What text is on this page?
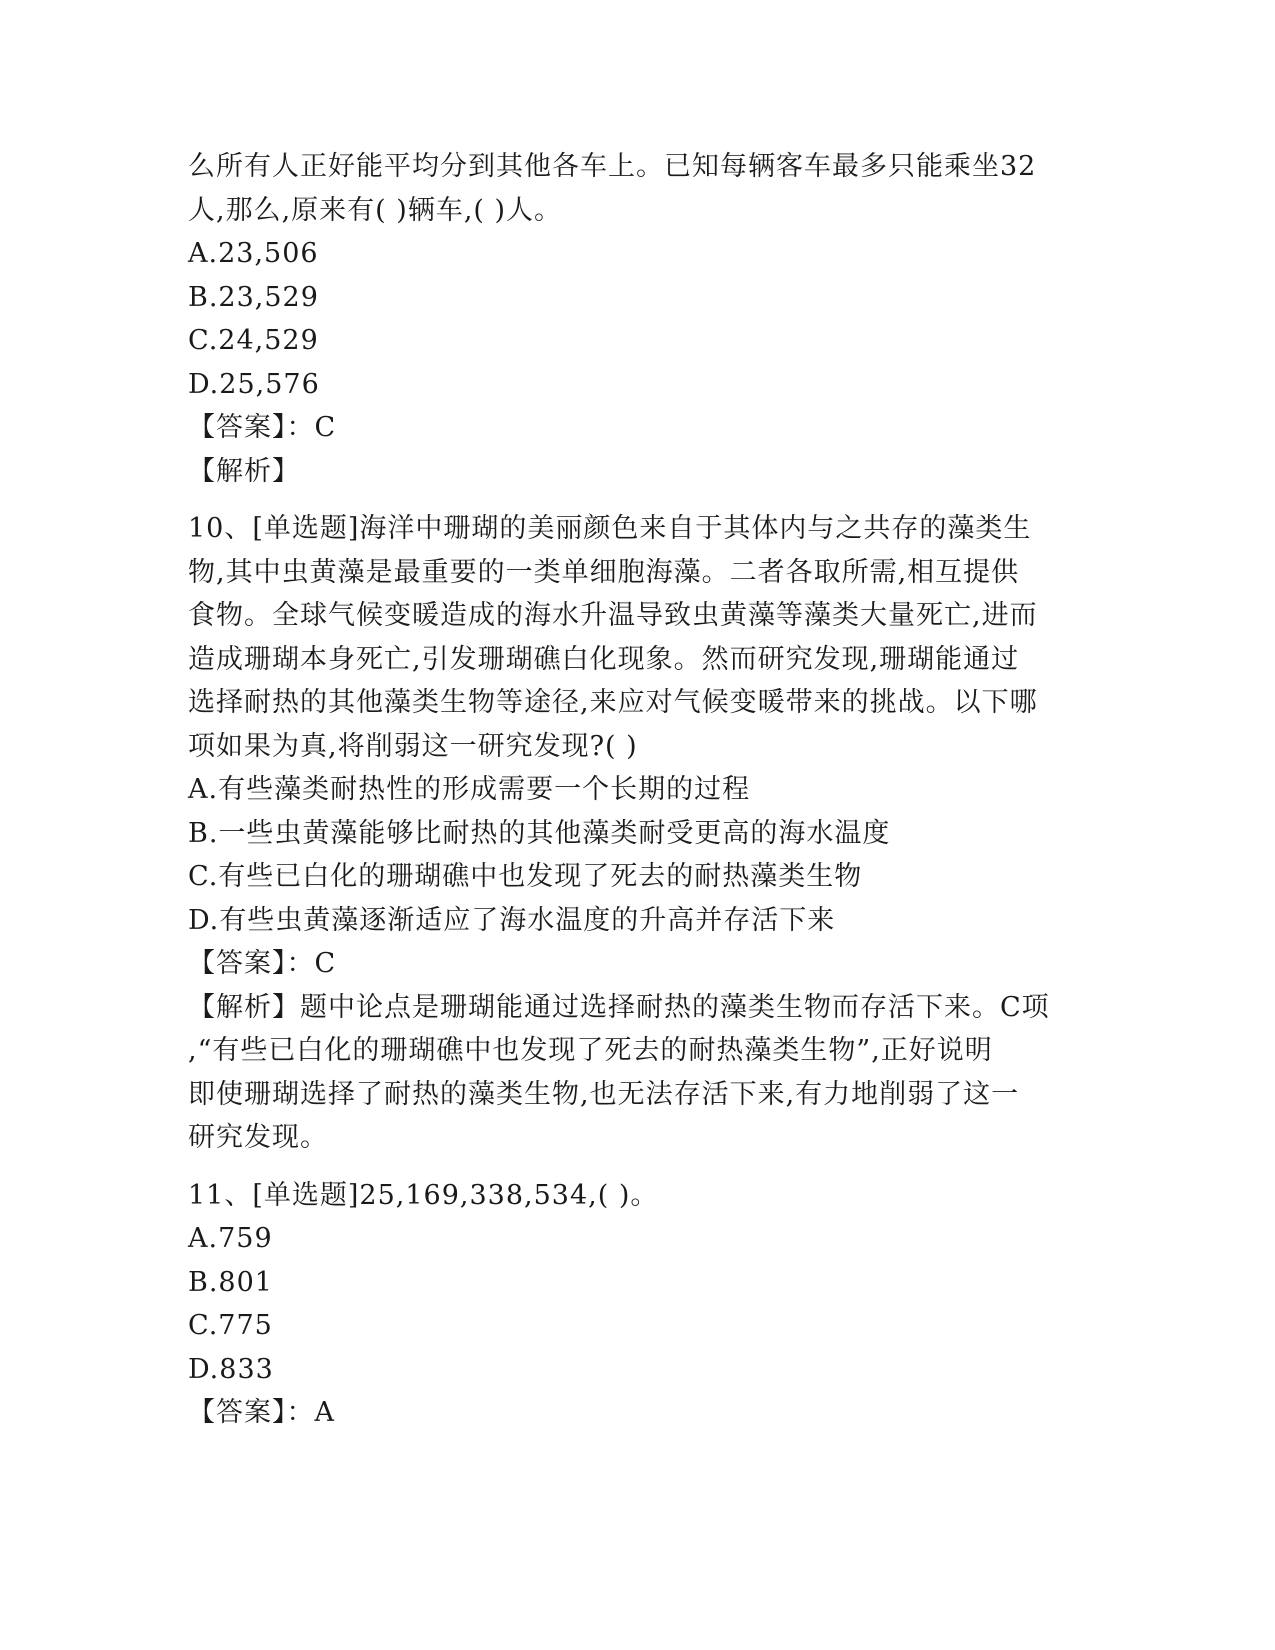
么所有人正好能平均分到其他各车上。已知每辆客车最多只能乘坐32
人,那么,原来有( )辆车,( )人。
A.23,506
B.23,529
C.24,529
D.25,576
【答案】：C
【解析】
10、[单选题]海洋中珊瑚的美丽颜色来自于其体内与之共存的藻类生
物,其中虫黄藻是最重要的一类单细胞海藻。二者各取所需,相互提供
食物。全球气候变暖造成的海水升温导致虫黄藻等藻类大量死亡,进而
造成珊瑚本身死亡,引发珊瑚礁白化现象。然而研究发现,珊瑚能通过
选择耐热的其他藻类生物等途径,来应对气候变暖带来的挑战。以下哪
项如果为真,将削弱这一研究发现?( )
A.有些藻类耐热性的形成需要一个长期的过程
B.一些虫黄藻能够比耐热的其他藻类耐受更高的海水温度
C.有些已白化的珊瑚礁中也发现了死去的耐热藻类生物
D.有些虫黄藻逐渐适应了海水温度的升高并存活下来
【答案】：C
【解析】题中论点是珊瑚能通过选择耐热的藻类生物而存活下来。C项
,“有些已白化的珊瑚礁中也发现了死去的耐热藻类生物”,正好说明
即使珊瑚选择了耐热的藻类生物,也无法存活下来,有力地削弱了这一
研究发现。
11、[单选题]25,169,338,534,( )。
A.759
B.801
C.775
D.833
【答案】：A
